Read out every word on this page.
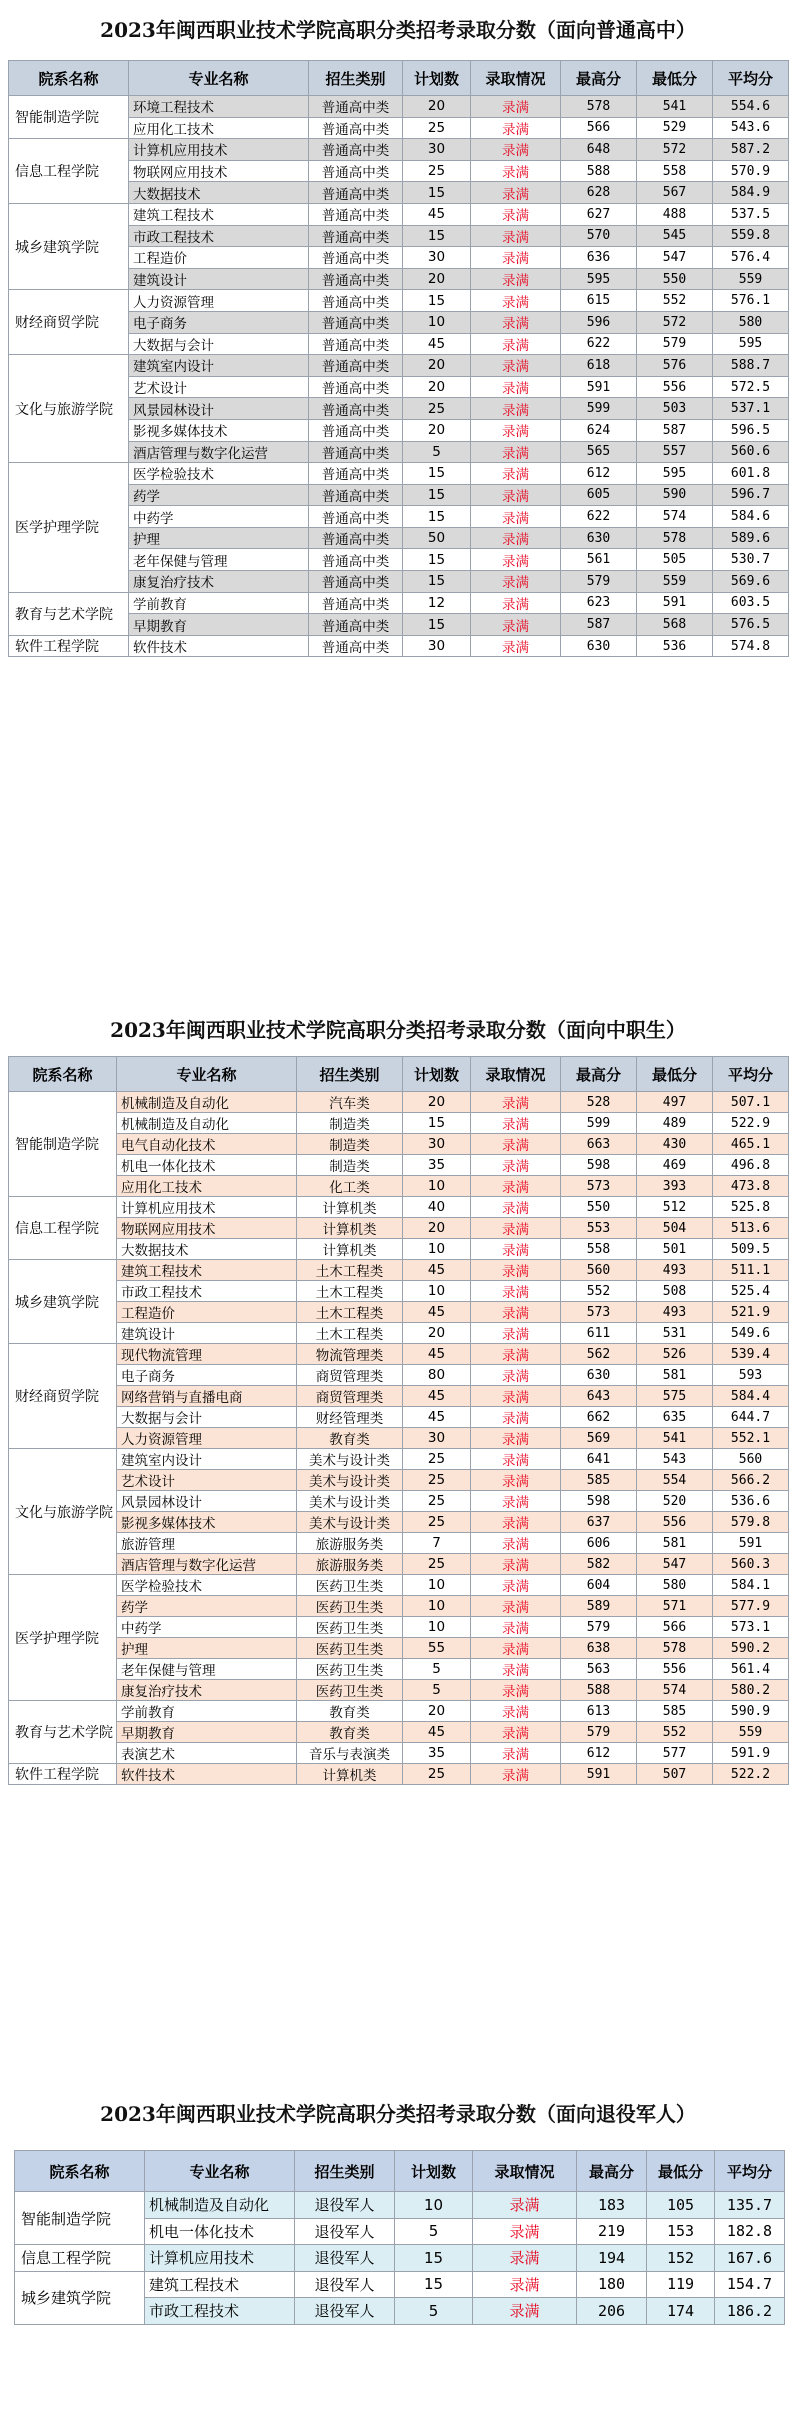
2023年闽西职业技术学院高职分类招考录取分数（面向普通高中）
院系名称	专业名称	招生类别	计划数	录取情况	最高分	最低分	平均分
智能制造学院	环境工程技术	普通高中类	20	录满	578	541	554.6
	应用化工技术	普通高中类	25	录满	566	529	543.6
信息工程学院	计算机应用技术	普通高中类	30	录满	648	572	587.2
	物联网应用技术	普通高中类	25	录满	588	558	570.9
	大数据技术	普通高中类	15	录满	628	567	584.9
城乡建筑学院	建筑工程技术	普通高中类	45	录满	627	488	537.5
	市政工程技术	普通高中类	15	录满	570	545	559.8
	工程造价	普通高中类	30	录满	636	547	576.4
	建筑设计	普通高中类	20	录满	595	550	559
财经商贸学院	人力资源管理	普通高中类	15	录满	615	552	576.1
	电子商务	普通高中类	10	录满	596	572	580
	大数据与会计	普通高中类	45	录满	622	579	595
文化与旅游学院	建筑室内设计	普通高中类	20	录满	618	576	588.7
	艺术设计	普通高中类	20	录满	591	556	572.5
	风景园林设计	普通高中类	25	录满	599	503	537.1
	影视多媒体技术	普通高中类	20	录满	624	587	596.5
	酒店管理与数字化运营	普通高中类	5	录满	565	557	560.6
医学护理学院	医学检验技术	普通高中类	15	录满	612	595	601.8
	药学	普通高中类	15	录满	605	590	596.7
	中药学	普通高中类	15	录满	622	574	584.6
	护理	普通高中类	50	录满	630	578	589.6
	老年保健与管理	普通高中类	15	录满	561	505	530.7
	康复治疗技术	普通高中类	15	录满	579	559	569.6
教育与艺术学院	学前教育	普通高中类	12	录满	623	591	603.5
	早期教育	普通高中类	15	录满	587	568	576.5
软件工程学院	软件技术	普通高中类	30	录满	630	536	574.8
2023年闽西职业技术学院高职分类招考录取分数（面向中职生）
院系名称	专业名称	招生类别	计划数	录取情况	最高分	最低分	平均分
智能制造学院	机械制造及自动化	汽车类	20	录满	528	497	507.1
	机械制造及自动化	制造类	15	录满	599	489	522.9
	电气自动化技术	制造类	30	录满	663	430	465.1
	机电一体化技术	制造类	35	录满	598	469	496.8
	应用化工技术	化工类	10	录满	573	393	473.8
信息工程学院	计算机应用技术	计算机类	40	录满	550	512	525.8
	物联网应用技术	计算机类	20	录满	553	504	513.6
	大数据技术	计算机类	10	录满	558	501	509.5
城乡建筑学院	建筑工程技术	土木工程类	45	录满	560	493	511.1
	市政工程技术	土木工程类	10	录满	552	508	525.4
	工程造价	土木工程类	45	录满	573	493	521.9
	建筑设计	土木工程类	20	录满	611	531	549.6
财经商贸学院	现代物流管理	物流管理类	45	录满	562	526	539.4
	电子商务	商贸管理类	80	录满	630	581	593
	网络营销与直播电商	商贸管理类	45	录满	643	575	584.4
	大数据与会计	财经管理类	45	录满	662	635	644.7
	人力资源管理	教育类	30	录满	569	541	552.1
文化与旅游学院	建筑室内设计	美术与设计类	25	录满	641	543	560
	艺术设计	美术与设计类	25	录满	585	554	566.2
	风景园林设计	美术与设计类	25	录满	598	520	536.6
	影视多媒体技术	美术与设计类	25	录满	637	556	579.8
	旅游管理	旅游服务类	7	录满	606	581	591
	酒店管理与数字化运营	旅游服务类	25	录满	582	547	560.3
医学护理学院	医学检验技术	医药卫生类	10	录满	604	580	584.1
	药学	医药卫生类	10	录满	589	571	577.9
	中药学	医药卫生类	10	录满	579	566	573.1
	护理	医药卫生类	55	录满	638	578	590.2
	老年保健与管理	医药卫生类	5	录满	563	556	561.4
	康复治疗技术	医药卫生类	5	录满	588	574	580.2
教育与艺术学院	学前教育	教育类	20	录满	613	585	590.9
	早期教育	教育类	45	录满	579	552	559
	表演艺术	音乐与表演类	35	录满	612	577	591.9
软件工程学院	软件技术	计算机类	25	录满	591	507	522.2
2023年闽西职业技术学院高职分类招考录取分数（面向退役军人）
院系名称	专业名称	招生类别	计划数	录取情况	最高分	最低分	平均分
智能制造学院	机械制造及自动化	退役军人	10	录满	183	105	135.7
	机电一体化技术	退役军人	5	录满	219	153	182.8
信息工程学院	计算机应用技术	退役军人	15	录满	194	152	167.6
城乡建筑学院	建筑工程技术	退役军人	15	录满	180	119	154.7
	市政工程技术	退役军人	5	录满	206	174	186.2
